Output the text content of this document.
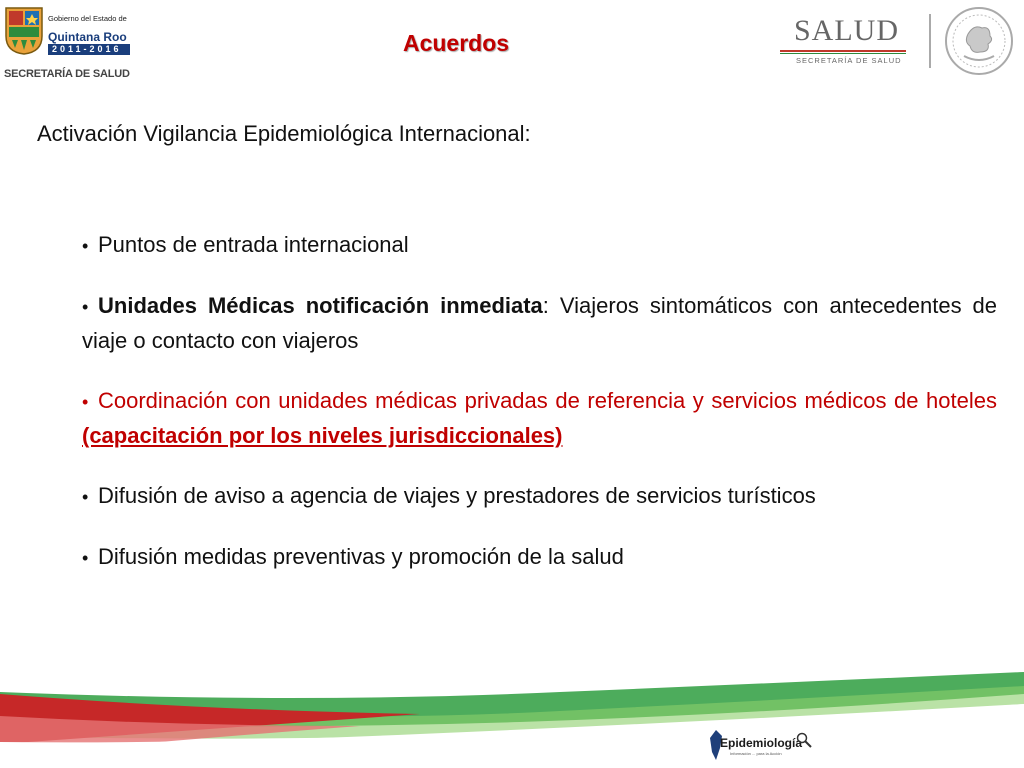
Acuerdos
Gobierno del Estado de
Quintana Roo
2011-2016
SECRETARÍA DE SALUD
SALUD
SECRETARÍA DE SALUD
Activación Vigilancia Epidemiológica Internacional:
• Puntos de entrada internacional
• Unidades Médicas notificación inmediata: Viajeros sintomáticos con antecedentes de viaje o contacto con viajeros
• Coordinación con unidades médicas privadas de referencia y servicios médicos de hoteles (capacitación por los niveles jurisdiccionales)
• Difusión de aviso a agencia de viajes y prestadores de servicios turísticos
• Difusión medidas preventivas y promoción de la salud
Epidemiología
Información ... para la Acción
